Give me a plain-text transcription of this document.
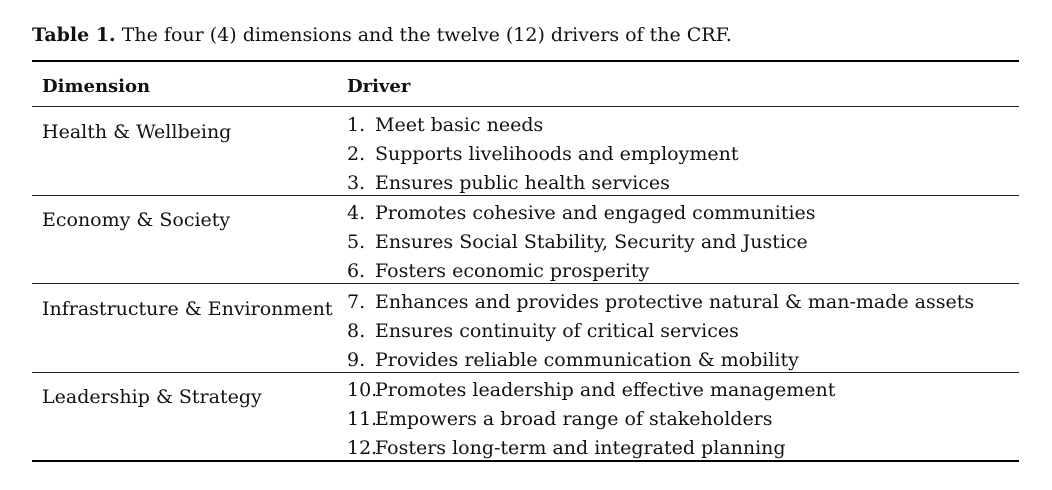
Table 1. The four (4) dimensions and the twelve (12) drivers of the CRF.
Dimension	Driver
Health & Wellbeing	1. Meet basic needs
2. Supports livelihoods and employment
3. Ensures public health services
Economy & Society	4. Promotes cohesive and engaged communities
5. Ensures Social Stability, Security and Justice
6. Fosters economic prosperity
Infrastructure & Environment 7. Enhances and provides protective natural & man-made assets
8. Ensures continuity of critical services
9. Provides reliable communication & mobility
Leadership & Strategy	10.Promotes leadership and effective management
11.Empowers a broad range of stakeholders
12.Fosters long-term and integrated planning
